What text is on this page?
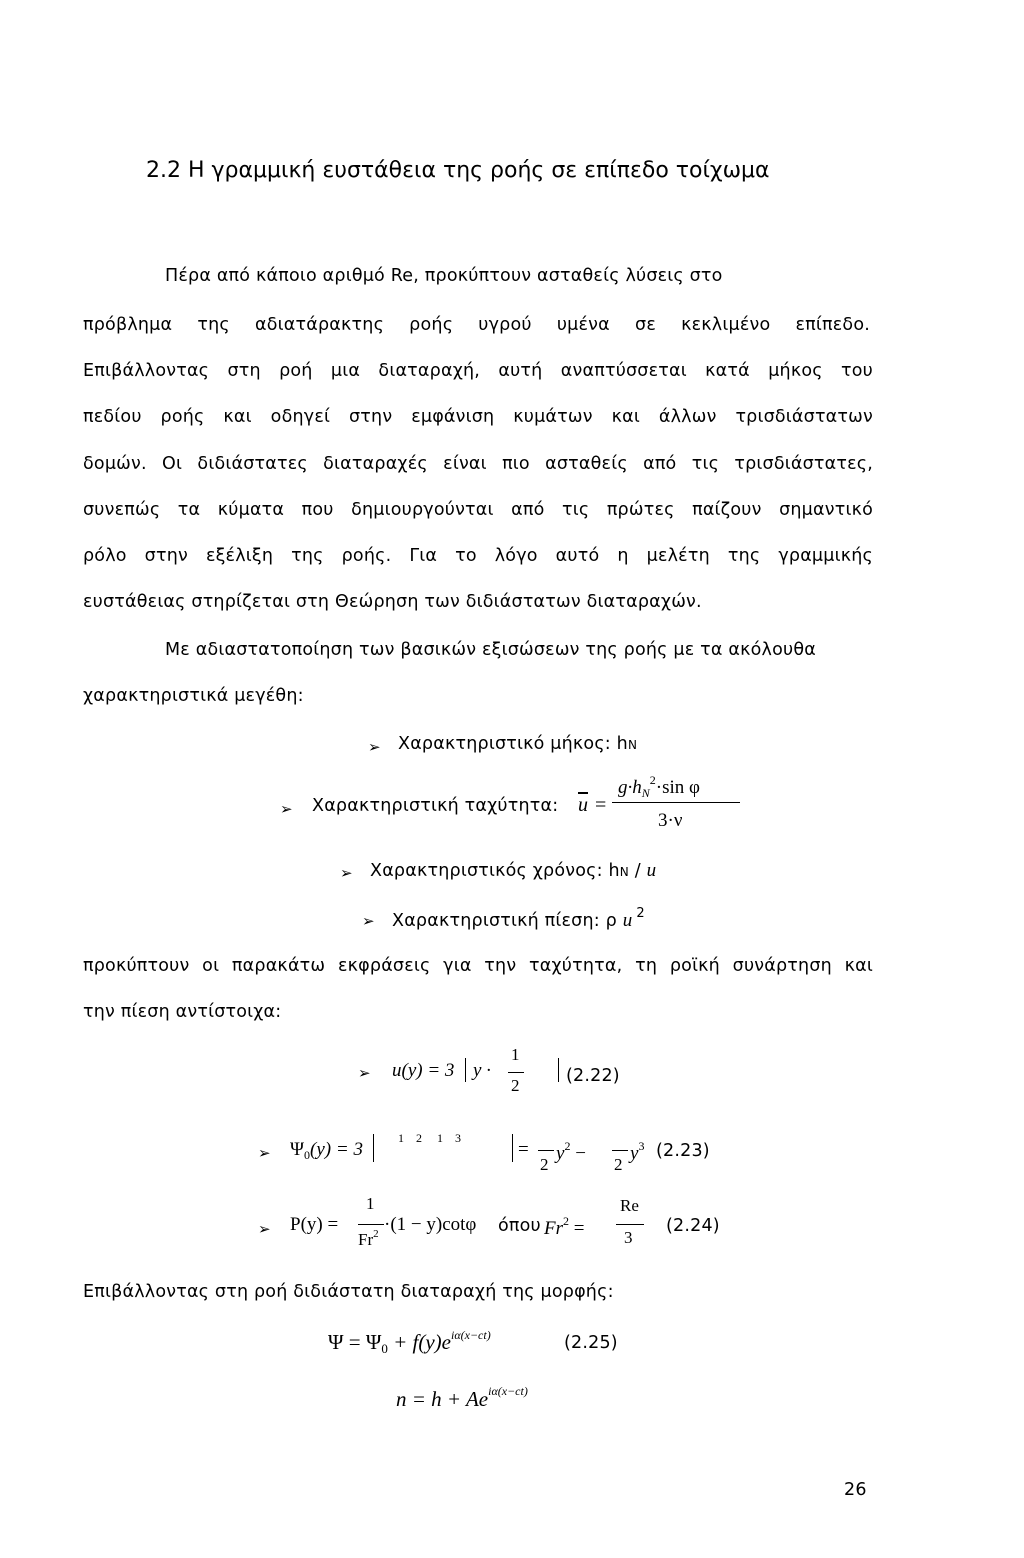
2.2 Η γραμμική ευστάθεια της ροής σε επίπεδο τοίχωμα
Πέρα από κάποιο αριθμό Re, προκύπτουν ασταθείς λύσεις στο
πρόβλημα της αδιατάρακτης ροής υγρού υμένα σε κεκλιμένο επίπεδο.
Επιβάλλοντας στη ροή μια διαταραχή, αυτή αναπτύσσεται κατά μήκος του
πεδίου ροής και οδηγεί στην εμφάνιση κυμάτων και άλλων τρισδιάστατων
δομών. Οι διδιάστατες διαταραχές είναι πιο ασταθείς από τις τρισδιάστατες,
συνεπώς τα κύματα που δημιουργούνται από τις πρώτες παίζουν σημαντικό
ρόλο στην εξέλιξη της ροής. Για το λόγο αυτό η μελέτη της γραμμικής
ευστάθειας στηρίζεται στη Θεώρηση των διδιάστατων διαταραχών.
Με αδιαστατοποίηση των βασικών εξισώσεων της ροής με τα ακόλουθα
χαρακτηριστικά μεγέθη:
➢ Χαρακτηριστικό μήκος: hN
➢ Χαρακτηριστική ταχύτητα: $\overline{u}$ =
$g\cdot h_N^2\cdot\sin$ φ
3·ν
➢ Χαρακτηριστικός χρόνος: hN / u
➢ Χαρακτηριστική πίεση: ρ u $^2$
προκύπτουν οι παρακάτω εκφράσεις για την ταχύτητα, τη ροϊκή συνάρτηση και
την πίεση αντίστοιχα:
➢ u(y) = 3 y ·
1
2	(2.22)
➢ $\Psi_0(y) = 3$
1    2     1    3
=
2
$y^2$ −
2
$y^3$ (2.23)
➢ P(y) =
1
$Fr^2 \cdot(1 - y)\cot\varphi$ όπου $Fr^2$ =
Re
3
(2.24)
Επιβάλλοντας στη ροή διδιάστατη διαταραχή της μορφής:
$\Psi = \Psi 0 + f(y)e^{i\alpha(x-ct)}$	(2.25)
$n = h + Ae^{i\alpha(x-ct)}$
26
